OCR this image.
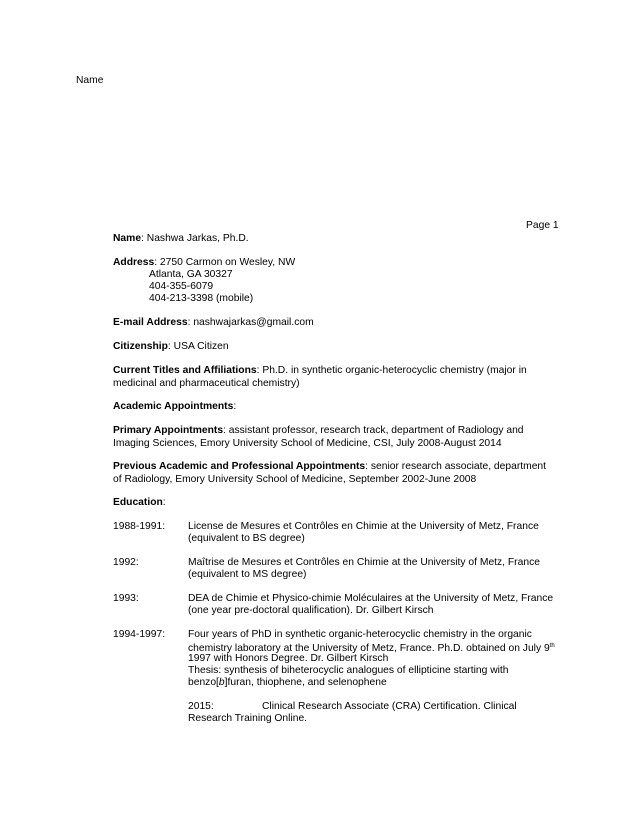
Name
Page 1
Name: Nashwa Jarkas, Ph.D.
Address: 2750 Carmon on Wesley, NW
Atlanta, GA 30327
404-355-6079
404-213-3398 (mobile)
E-mail Address: nashwajarkas@gmail.com
Citizenship: USA Citizen
Current Titles and Affiliations: Ph.D. in synthetic organic-heterocyclic chemistry (major in
medicinal and pharmaceutical chemistry)
Academic Appointments:
Primary Appointments: assistant professor, research track, department of Radiology and
Imaging Sciences, Emory University School of Medicine, CSI, July 2008-August 2014
Previous Academic and Professional Appointments: senior research associate, department
of Radiology, Emory University School of Medicine, September 2002-June 2008
Education:
1988-1991: License de Mesures et Contrôles en Chimie at the University of Metz, France
(equivalent to BS degree)
1992:	Maîtrise de Mesures et Contrôles en Chimie at the University of Metz, France
(equivalent to MS degree)
1993:	DEA de Chimie et Physico-chimie Moléculaires at the University of Metz, France
(one year pre-doctoral qualification). Dr. Gilbert Kirsch
1994-1997: Four years of PhD in synthetic organic-heterocyclic chemistry in the organic
chemistry laboratory at the University of Metz, France. Ph.D. obtained on July 9th
1997 with Honors Degree. Dr. Gilbert Kirsch
Thesis: synthesis of biheterocyclic analogues of ellipticine starting with
benzo[b]furan, thiophene, and selenophene
2015:	Clinical Research Associate (CRA) Certification. Clinical
Research Training Online.
